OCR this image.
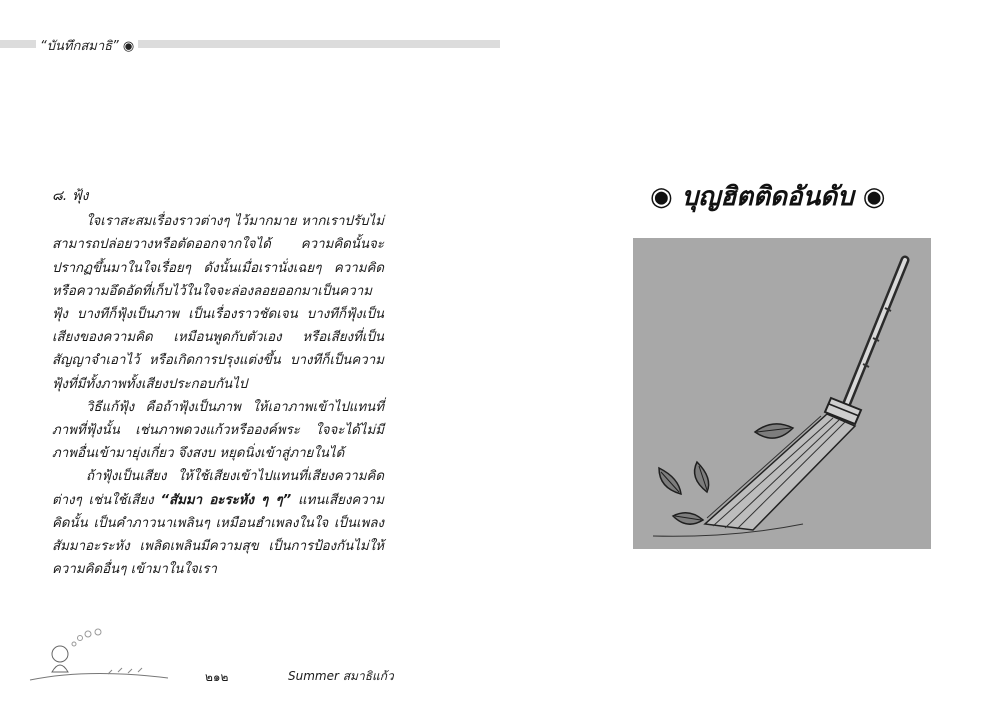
“บันทึกสมาธิ” ◉
๘. ฟุ้ง

ใจเราสะสมเรื่องราวต่างๆ ไว้มากมาย หากเราปรับไม่สามารถปล่อยวางหรือตัดออกจากใจได้ ความคิดนั้นจะปรากฏขึ้นมาในใจเรื่อยๆ ดังนั้นเมื่อเรานั่งเฉยๆ ความคิดหรือความอึดอัดที่เก็บไว้ในใจจะล่องลอยออกมาเป็นความฟุ้ง บางทีก็ฟุ้งเป็นภาพ เป็นเรื่องราวชัดเจน บางทีก็ฟุ้งเป็นเสียงของความคิด เหมือนพูดกับตัวเอง หรือเสียงที่เป็นสัญญาจำเอาไว้ หรือเกิดการปรุงแต่งขึ้น บางทีก็เป็นความฟุ้งที่มีทั้งภาพทั้งเสียงประกอบกันไป

วิธีแก้ฟุ้ง คือถ้าฟุ้งเป็นภาพ ให้เอาภาพเข้าไปแทนที่ภาพที่ฟุ้งนั้น เช่นภาพดวงแก้วหรือองค์พระ ใจจะได้ไม่มีภาพอื่นเข้ามายุ่งเกี่ยว จึงสงบ หยุดนิ่งเข้าสู่ภายในได้

ถ้าฟุ้งเป็นเสียง ให้ใช้เสียงเข้าไปแทนที่เสียงความคิดต่างๆ เช่นใช้เสียง “สัมมา อะระหัง ๆ ๆ” แทนเสียงความคิดนั้น เป็นคำภาวนาเพลินๆ เหมือนฮำเพลงในใจ เป็นเพลงสัมมาอะระหัง เพลิดเพลินมีความสุข เป็นการป้องกันไม่ให้ความคิดอื่นๆ เข้ามาในใจเรา

๒๑๒	Summer สมาธิแก้ว
◉ บุญฮิตติดอันดับ ◉
